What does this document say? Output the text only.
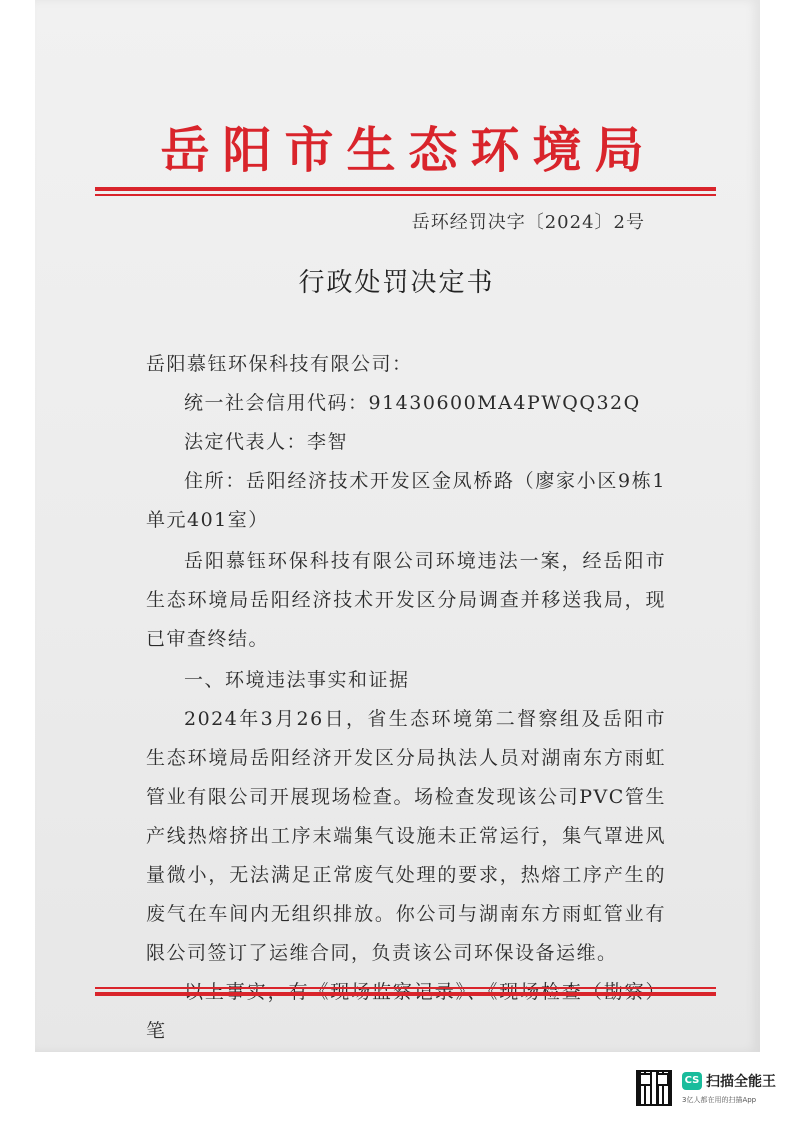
岳阳市生态环境局
岳环经罚决字〔2024〕2号
行政处罚决定书

岳阳慕钰环保科技有限公司：

统一社会信用代码：91430600MA4PWQQ32Q

法定代表人：李智

住所：岳阳经济技术开发区金凤桥路（廖家小区9栋1单元401室）

岳阳慕钰环保科技有限公司环境违法一案，经岳阳市生态环境局岳阳经济技术开发区分局调查并移送我局，现已审查终结。

一、环境违法事实和证据

2024年3月26日，省生态环境第二督察组及岳阳市生态环境局岳阳经济开发区分局执法人员对湖南东方雨虹管业有限公司开展现场检查。场检查发现该公司PVC管生产线热熔挤出工序末端集气设施未正常运行，集气罩进风量微小，无法满足正常废气处理的要求，热熔工序产生的废气在车间内无组织排放。你公司与湖南东方雨虹管业有限公司签订了运维合同，负责该公司环保设备运维。

笔

CS 扫描全能王
3亿人都在用的扫描App
